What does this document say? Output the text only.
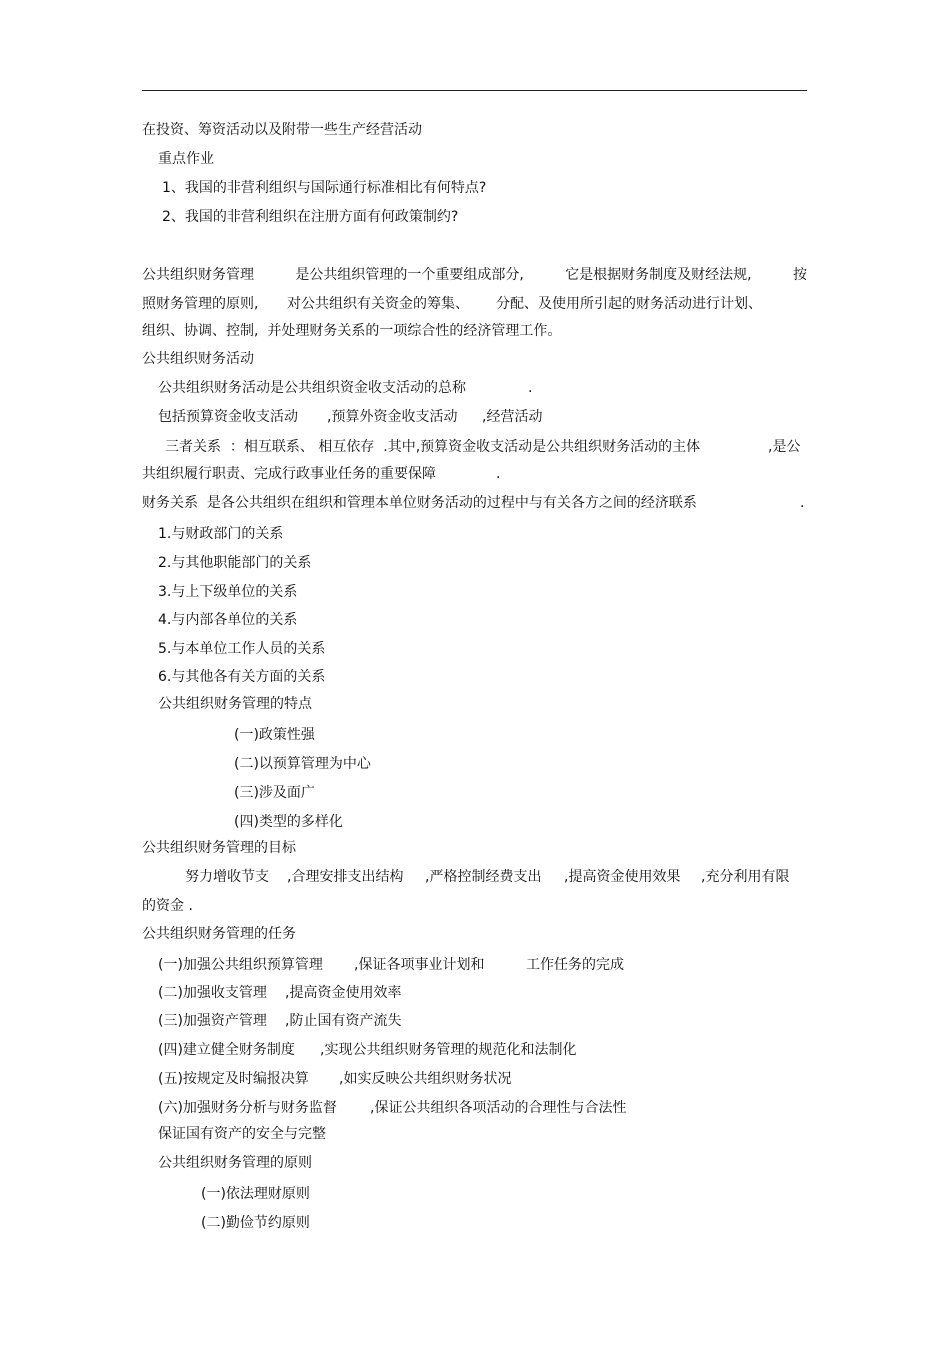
在投资、筹资活动以及附带一些生产经营活动
重点作业
1、我国的非营利组织与国际通行标准相比有何特点?
2、我国的非营利组织在注册方面有何政策制约?
公共组织财务管理	是公共组织管理的一个重要组成部分,	它是根据财务制度及财经法规,	按
照财务管理的原则, 对公共组织有关资金的筹集、 分配、及使用所引起的财务活动进行计划、
组织、协调、控制,  并处理财务关系的一项综合性的经济管理工作。
公共组织财务活动
公共组织财务活动是公共组织资金收支活动的总称	.
包括预算资金收支活动 ,预算外资金收支活动 ,经营活动
三者关系  ：相互联系、 相互依存  .其中,预算资金收支活动是公共组织财务活动的主体	,是公
共组织履行职责、完成行政事业任务的重要保障	.
财务关系  是各公共组织在组织和管理本单位财务活动的过程中与有关各方之间的经济联系	.
1.与财政部门的关系
2.与其他职能部门的关系
3.与上下级单位的关系
4.与内部各单位的关系
5.与本单位工作人员的关系
6.与其他各有关方面的关系
公共组织财务管理的特点
(一)政策性强
(二)以预算管理为中心
(三)涉及面广
(四)类型的多样化
公共组织财务管理的目标
努力增收节支 ,合理安排支出结构 ,严格控制经费支出 ,提高资金使用效果 ,充分利用有限
的资金 .
公共组织财务管理的任务
(一)加强公共组织预算管理 ,保证各项事业计划和	工作任务的完成
(二)加强收支管理 ,提高资金使用效率
(三)加强资产管理 ,防止国有资产流失
(四)建立健全财务制度 ,实现公共组织财务管理的规范化和法制化
(五)按规定及时编报决算 ,如实反映公共组织财务状况
(六)加强财务分析与财务监督 ,保证公共组织各项活动的合理性与合法性
保证国有资产的安全与完整
公共组织财务管理的原则
(一)依法理财原则
(二)勤俭节约原则
